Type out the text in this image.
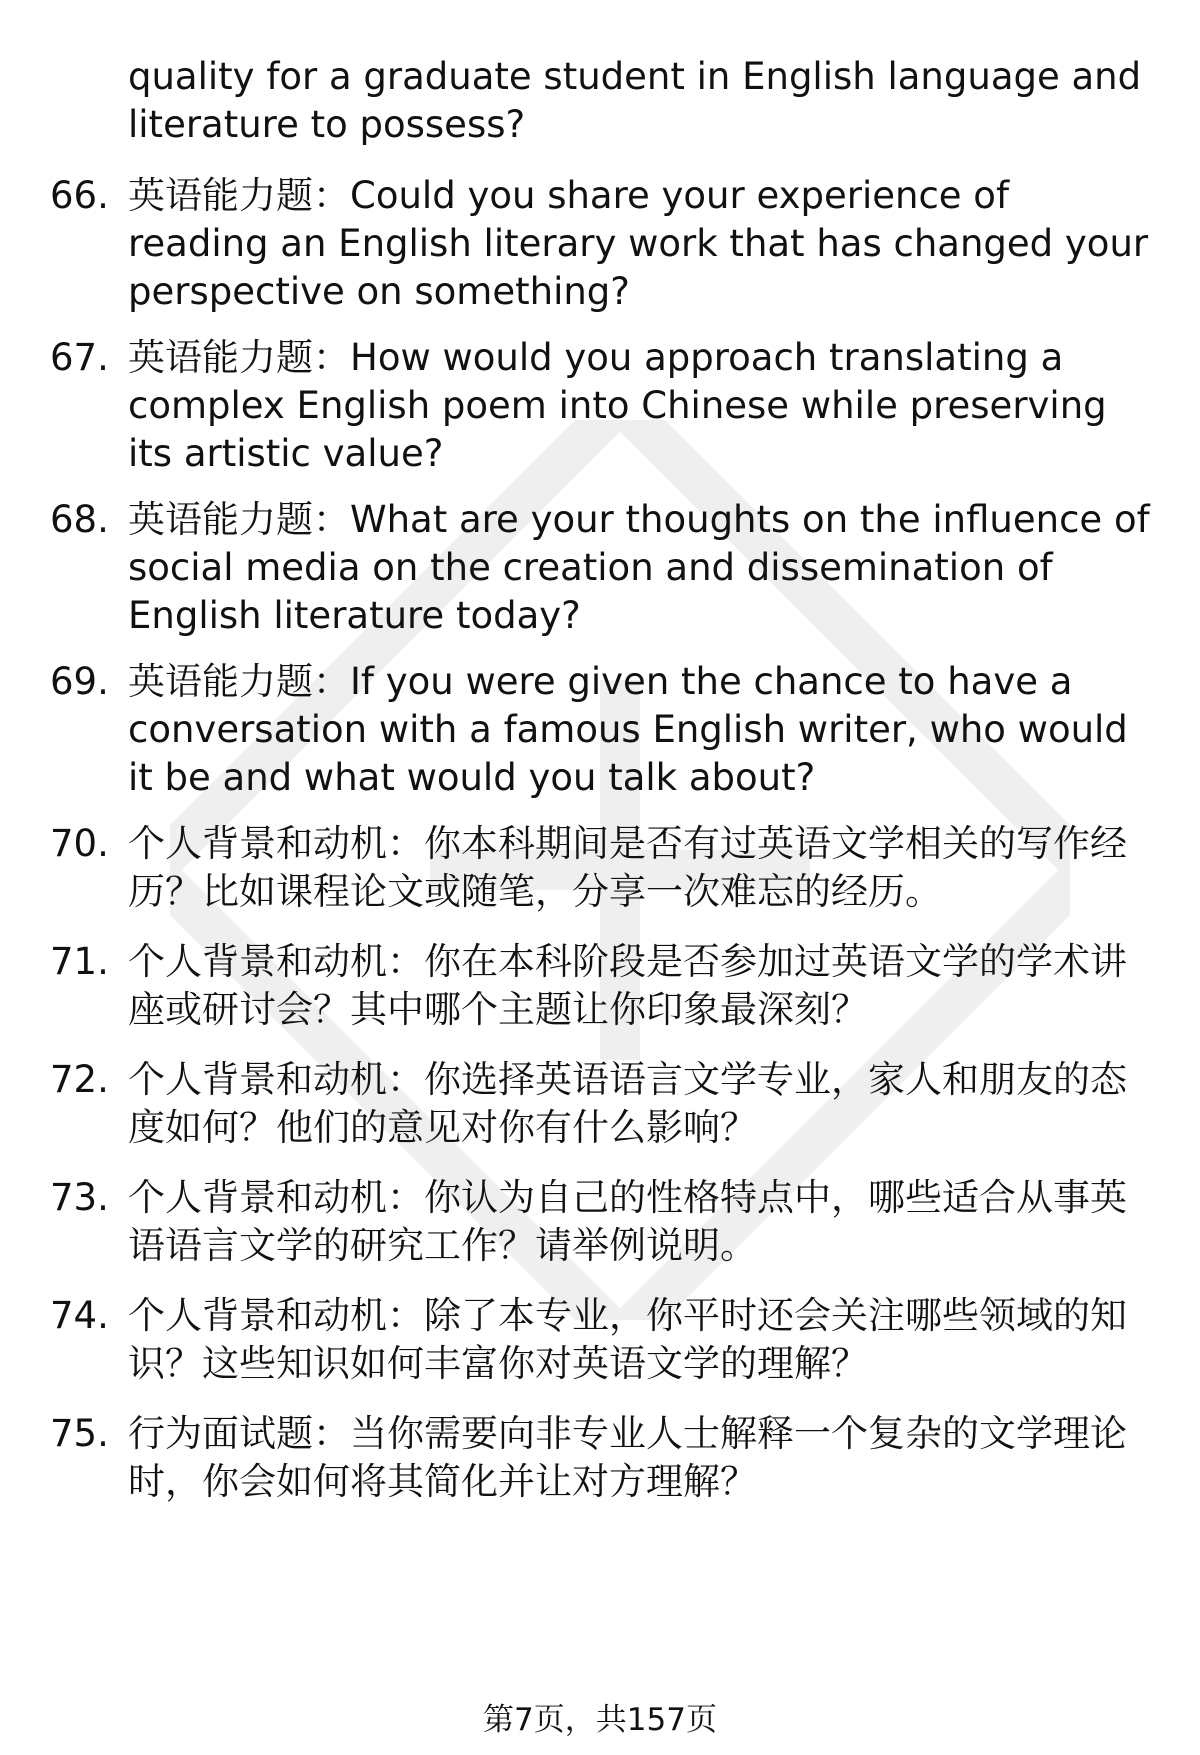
quality for a graduate student in English language and literature to possess?
66. 英语能力题：Could you share your experience of reading an English literary work that has changed your perspective on something?
67. 英语能力题：How would you approach translating a complex English poem into Chinese while preserving its artistic value?
68. 英语能力题：What are your thoughts on the influence of social media on the creation and dissemination of English literature today?
69. 英语能力题：If you were given the chance to have a conversation with a famous English writer, who would it be and what would you talk about?
70. 个人背景和动机：你本科期间是否有过英语文学相关的写作经历？比如课程论文或随笔，分享一次难忘的经历。
71. 个人背景和动机：你在本科阶段是否参加过英语文学的学术讲座或研讨会？其中哪个主题让你印象最深刻？
72. 个人背景和动机：你选择英语语言文学专业，家人和朋友的态度如何？他们的意见对你有什么影响？
73. 个人背景和动机：你认为自己的性格特点中，哪些适合从事英语语言文学的研究工作？请举例说明。
74. 个人背景和动机：除了本专业，你平时还会关注哪些领域的知识？这些知识如何丰富你对英语文学的理解？
75. 行为面试题：当你需要向非专业人士解释一个复杂的文学理论时，你会如何将其简化并让对方理解？
第7页，共157页
